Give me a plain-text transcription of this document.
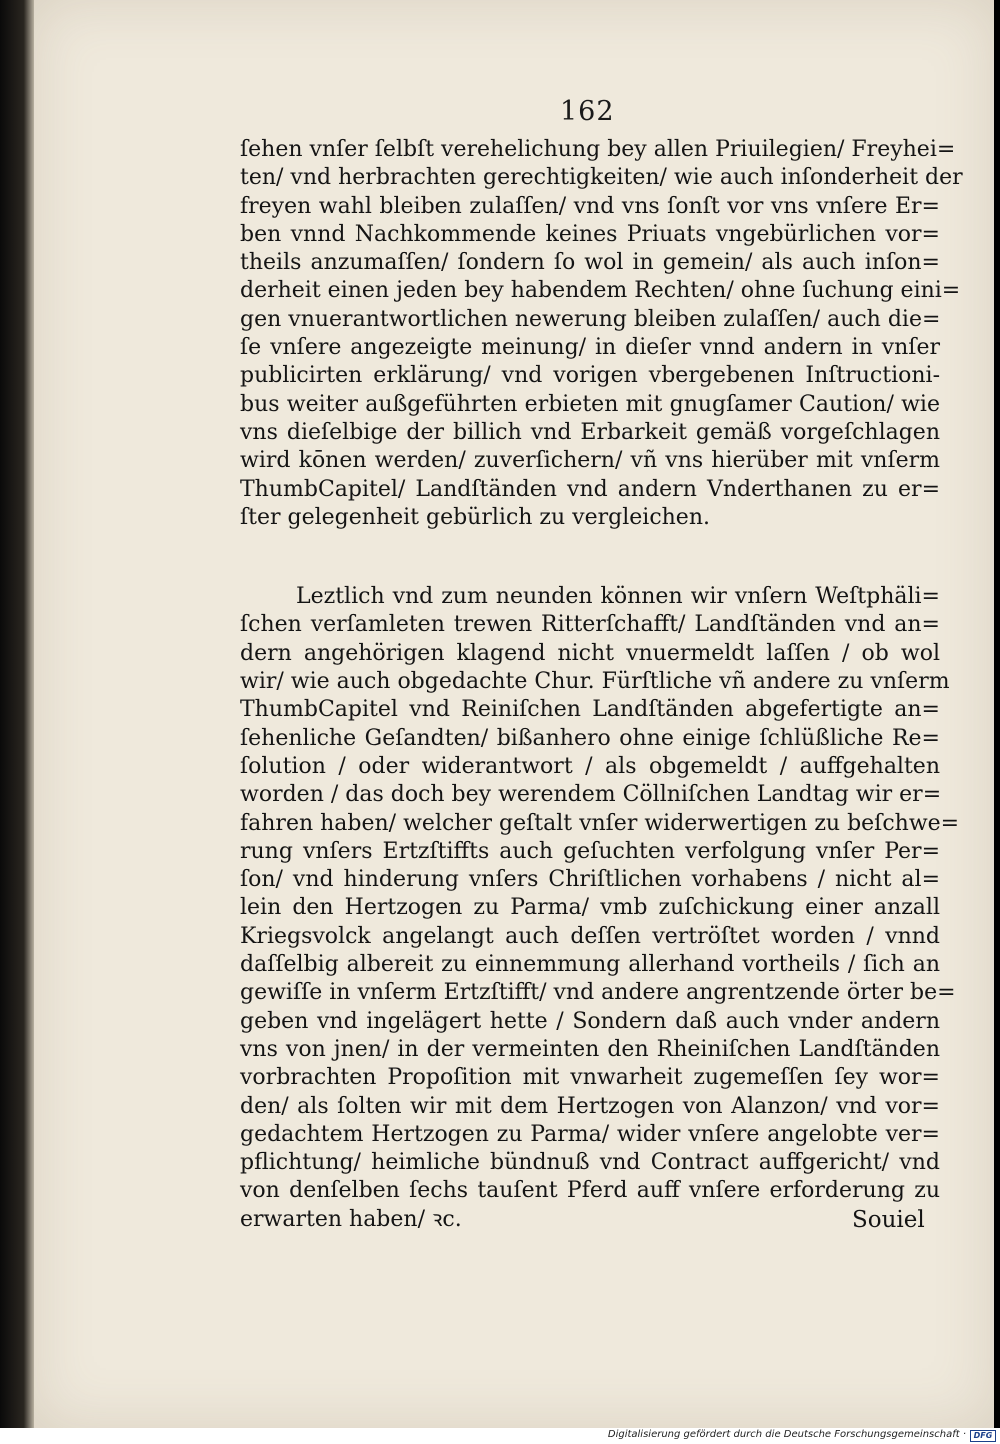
162
ſehen vnſer ſelbſt verehelichung bey allen Priuilegien/ Freyhei=
ten/ vnd herbrachten gerechtigkeiten/ wie auch inſonderheit der
freyen wahl bleiben zulaſſen/ vnd vns ſonſt vor vns vnſere Er=
ben vnnd Nachkommende keines Priuats vngebürlichen vor=
theils anzumaſſen/ ſondern ſo wol in gemein/ als auch inſon=
derheit einen jeden bey habendem Rechten/ ohne ſuchung eini=
gen vnuerantwortlichen newerung bleiben zulaſſen/ auch die=
ſe vnſere angezeigte meinung/ in dieſer vnnd andern in vnſer
publicirten erklärung/ vnd vorigen vbergebenen Inſtructioni-
bus weiter außgeführten erbieten mit gnugſamer Caution/ wie
vns dieſelbige der billich vnd Erbarkeit gemäß vorgeſchlagen
wird kōnen werden/ zuverſichern/ vñ vns hierüber mit vnſerm
ThumbCapitel/ Landſtänden vnd andern Vnderthanen zu er=
ſter gelegenheit gebürlich zu vergleichen.
Leztlich vnd zum neunden können wir vnſern Weſtphäli=
ſchen verſamleten trewen Ritterſchafft/ Landſtänden vnd an=
dern angehörigen klagend nicht vnuermeldt laſſen / ob wol
wir/ wie auch obgedachte Chur. Fürſtliche vñ andere zu vnſerm
ThumbCapitel vnd Reiniſchen Landſtänden abgefertigte an=
ſehenliche Geſandten/ bißanhero ohne einige ſchlüßliche Re=
ſolution / oder widerantwort / als obgemeldt / auffgehalten
worden / das doch bey werendem Cöllniſchen Landtag wir er=
fahren haben/ welcher geſtalt vnſer widerwertigen zu beſchwe=
rung vnſers Ertzſtiffts auch geſuchten verfolgung vnſer Per=
ſon/ vnd hinderung vnſers Chriſtlichen vorhabens / nicht al=
lein den Hertzogen zu Parma/ vmb zuſchickung einer anzall
Kriegsvolck angelangt auch deſſen vertröſtet worden / vnnd
daſſelbig albereit zu einnemmung allerhand vortheils / ſich an
gewiſſe in vnſerm Ertzſtifft/ vnd andere angrentzende örter be=
geben vnd ingelägert hette / Sondern daß auch vnder andern
vns von jnen/ in der vermeinten den Rheiniſchen Landſtänden
vorbrachten Propoſition mit vnwarheit zugemeſſen ſey wor=
den/ als ſolten wir mit dem Hertzogen von Alanzon/ vnd vor=
gedachtem Hertzogen zu Parma/ wider vnſere angelobte ver=
pflichtung/ heimliche bündnuß vnd Contract auffgericht/ vnd
von denſelben ſechs tauſent Pferd auff vnſere erforderung zu
erwarten haben/ ꝛc.	Souiel
Digitalisierung gefördert durch die Deutsche Forschungsgemeinschaft · DFG
